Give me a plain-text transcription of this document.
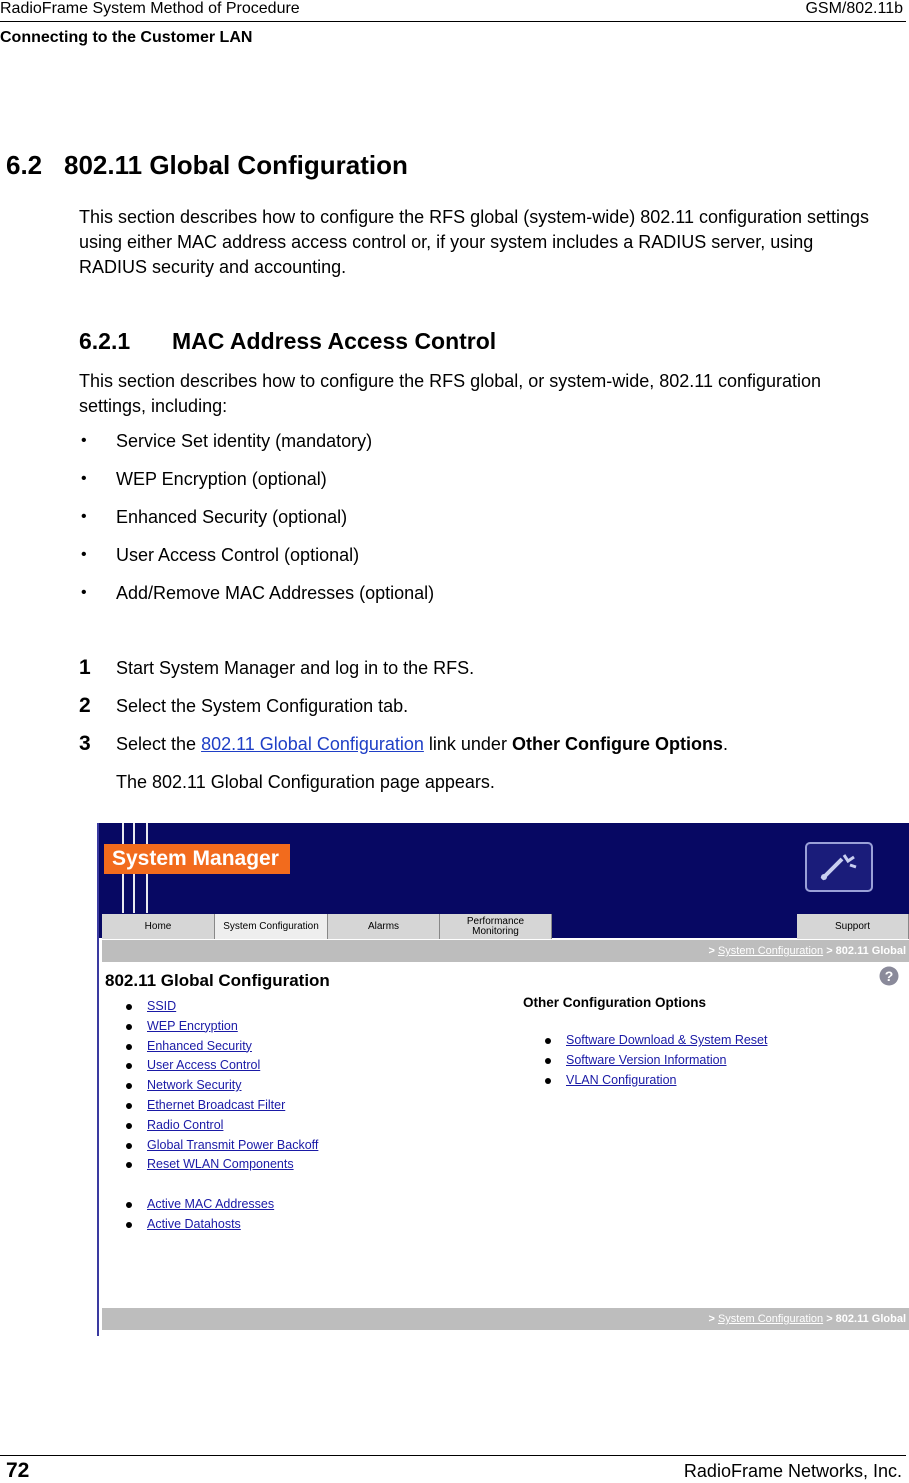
RadioFrame System Method of Procedure	GSM/802.11b
Connecting to the Customer LAN
6.2 802.11 Global Configuration
This section describes how to configure the RFS global (system-wide) 802.11 configuration settings using either MAC address access control or, if your system includes a RADIUS server, using RADIUS security and accounting.
6.2.1 MAC Address Access Control
This section describes how to configure the RFS global, or system-wide, 802.11 configuration settings, including:
• Service Set identity (mandatory)
• WEP Encryption (optional)
• Enhanced Security (optional)
• User Access Control (optional)
• Add/Remove MAC Addresses (optional)
1 Start System Manager and log in to the RFS.
2 Select the System Configuration tab.
3 Select the 802.11 Global Configuration link under Other Configure Options.
The 802.11 Global Configuration page appears.
System Manager
Home	System Configuration	Alarms	Performance
Monitoring	Support
> System Configuration > 802.11 Global
802.11 Global Configuration	?
SSID
WEP Encryption
Enhanced Security
User Access Control
Network Security
Ethernet Broadcast Filter
Radio Control
Global Transmit Power Backoff
Reset WLAN Components
Active MAC Addresses
Active Datahosts
Other Configuration Options
Software Download & System Reset
Software Version Information
VLAN Configuration
> System Configuration > 802.11 Global
72	RadioFrame Networks, Inc.
